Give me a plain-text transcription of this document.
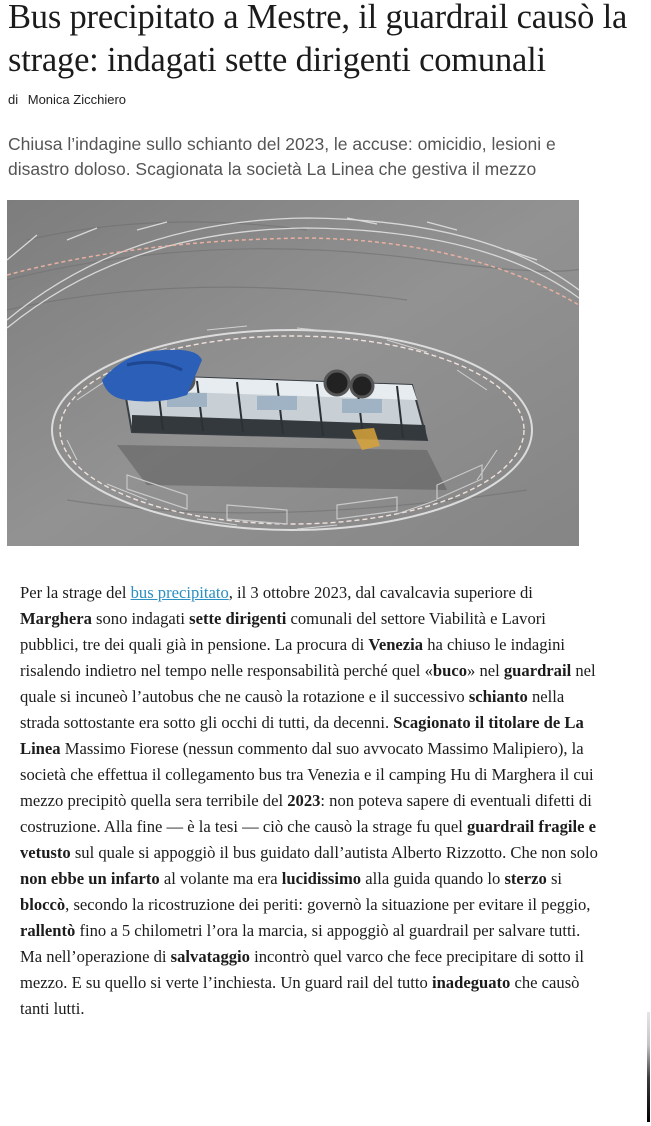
Bus precipitato a Mestre, il guardrail causò la strage: indagati sette dirigenti comunali
di Monica Zicchiero

Chiusa l’indagine sullo schianto del 2023, le accuse: omicidio, lesioni e disastro doloso. Scagionata la società La Linea che gestiva il mezzo

Per la strage del bus precipitato, il 3 ottobre 2023, dal cavalcavia superiore di Marghera sono indagati sette dirigenti comunali del settore Viabilità e Lavori pubblici, tre dei quali già in pensione. La procura di Venezia ha chiuso le indagini risalendo indietro nel tempo nelle responsabilità perché quel «buco» nel guardrail nel quale si incuneò l’autobus che ne causò la rotazione e il successivo schianto nella strada sottostante era sotto gli occhi di tutti, da decenni. Scagionato il titolare de La Linea Massimo Fiorese (nessun commento dal suo avvocato Massimo Malipiero), la società che effettua il collegamento bus tra Venezia e il camping Hu di Marghera il cui mezzo precipitò quella sera terribile del 2023: non poteva sapere di eventuali difetti di costruzione. Alla fine — è la tesi — ciò che causò la strage fu quel guardrail fragile e vetusto sul quale si appoggiò il bus guidato dall’autista Alberto Rizzotto. Che non solo non ebbe un infarto al volante ma era lucidissimo alla guida quando lo sterzo si bloccò, secondo la ricostruzione dei periti: governò la situazione per evitare il peggio, rallentò fino a 5 chilometri l’ora la marcia, si appoggiò al guardrail per salvare tutti. Ma nell’operazione di salvataggio incontrò quel varco che fece precipitare di sotto il mezzo. E su quello si verte l’inchiesta. Un guard rail del tutto inadeguato che causò tanti lutti.
